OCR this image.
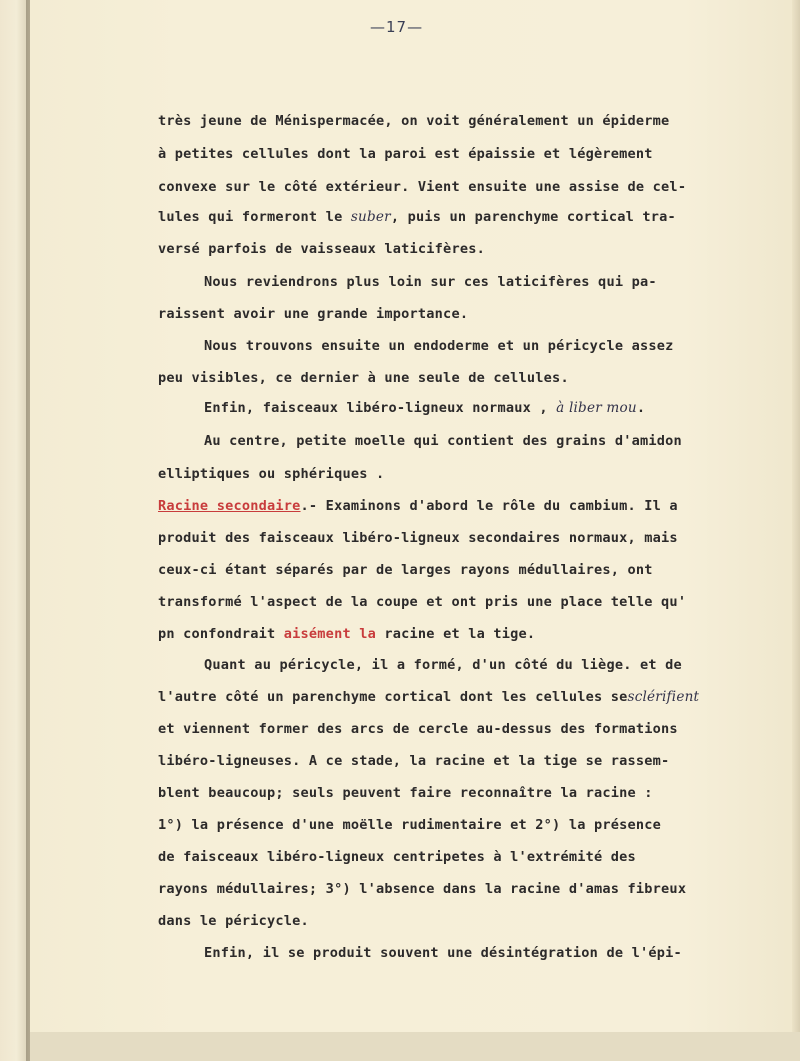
—17—
très jeune de Ménispermacée, on voit généralement un épiderme
à petites cellules dont la paroi est épaissie et légèrement
convexe sur le côté extérieur. Vient ensuite une assise de cel-
lules qui formeront le suber, puis un parenchyme cortical tra-
versé parfois de vaisseaux laticifères.
Nous reviendrons plus loin sur ces laticifères qui pa-
raissent avoir une grande importance.
Nous trouvons ensuite un endoderme et un péricycle assez
peu visibles, ce dernier à une seule de cellules.
Enfin, faisceaux libéro-ligneux normaux , à liber mou.
Au centre, petite moelle qui contient des grains d'amidon
elliptiques ou sphériques .
Racine secondaire.- Examinons d'abord le rôle du cambium. Il a
produit des faisceaux libéro-ligneux secondaires normaux, mais
ceux-ci étant séparés par de larges rayons médullaires, ont
transformé l'aspect de la coupe et ont pris une place telle qu'
pn confondrait aisément la racine et la tige.
Quant au péricycle, il a formé, d'un côté du liège. et de
l'autre côté un parenchyme cortical dont les cellules sesclérifient
et viennent former des arcs de cercle au-dessus des formations
libéro-ligneuses. A ce stade, la racine et la tige se rassem-
blent beaucoup; seuls peuvent faire reconnaître la racine :
1°) la présence d'une moëlle rudimentaire et 2°) la présence
de faisceaux libéro-ligneux centripetes à l'extrémité des
rayons médullaires; 3°) l'absence dans la racine d'amas fibreux
dans le péricycle.
Enfin, il se produit souvent une désintégration de l'épi-
